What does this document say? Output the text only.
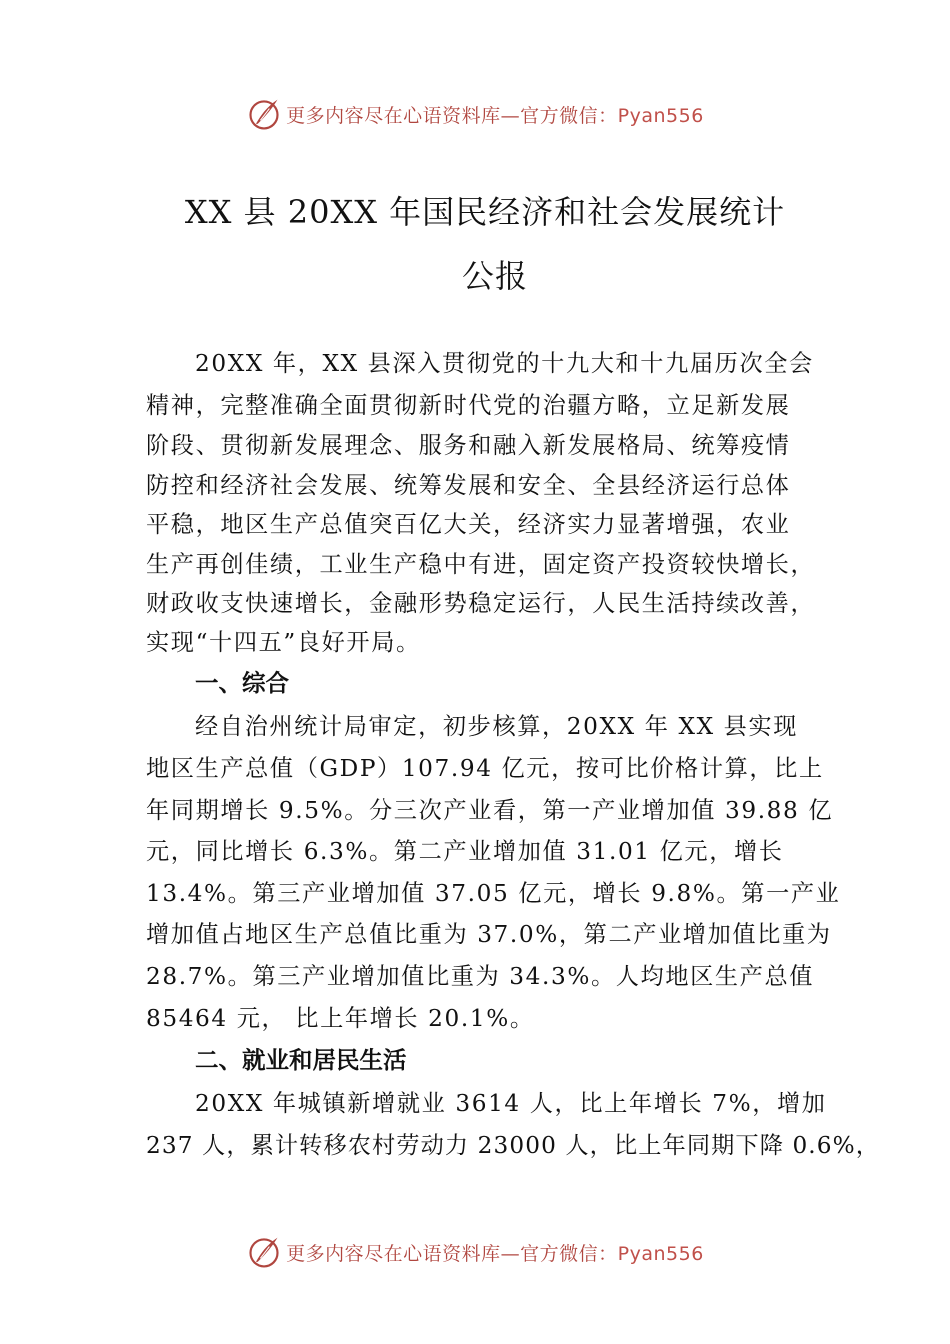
更多内容尽在心语资料库—官方微信：Pyan556
XX 县 20XX 年国民经济和社会发展统计
公报
20XX 年，XX 县深入贯彻党的十九大和十九届历次全会
精神，完整准确全面贯彻新时代党的治疆方略，立足新发展
阶段、贯彻新发展理念、服务和融入新发展格局、统筹疫情
防控和经济社会发展、统筹发展和安全、全县经济运行总体
平稳，地区生产总值突百亿大关，经济实力显著增强，农业
生产再创佳绩，工业生产稳中有进，固定资产投资较快增长，
财政收支快速增长，金融形势稳定运行，人民生活持续改善，
实现“十四五”良好开局。
一、综合
经自治州统计局审定，初步核算，20XX 年 XX 县实现
地区生产总值（GDP）107.94 亿元，按可比价格计算，比上
年同期增长 9.5%。分三次产业看，第一产业增加值 39.88 亿
元，同比增长 6.3%。第二产业增加值 31.01 亿元，增长
13.4%。第三产业增加值 37.05 亿元，增长 9.8%。第一产业
增加值占地区生产总值比重为 37.0%，第二产业增加值比重为
28.7%。第三产业增加值比重为 34.3%。人均地区生产总值
85464 元， 比上年增长 20.1%。
二、就业和居民生活
20XX 年城镇新增就业 3614 人，比上年增长 7%，增加
237 人，累计转移农村劳动力 23000 人，比上年同期下降 0.6%，
更多内容尽在心语资料库—官方微信：Pyan556
